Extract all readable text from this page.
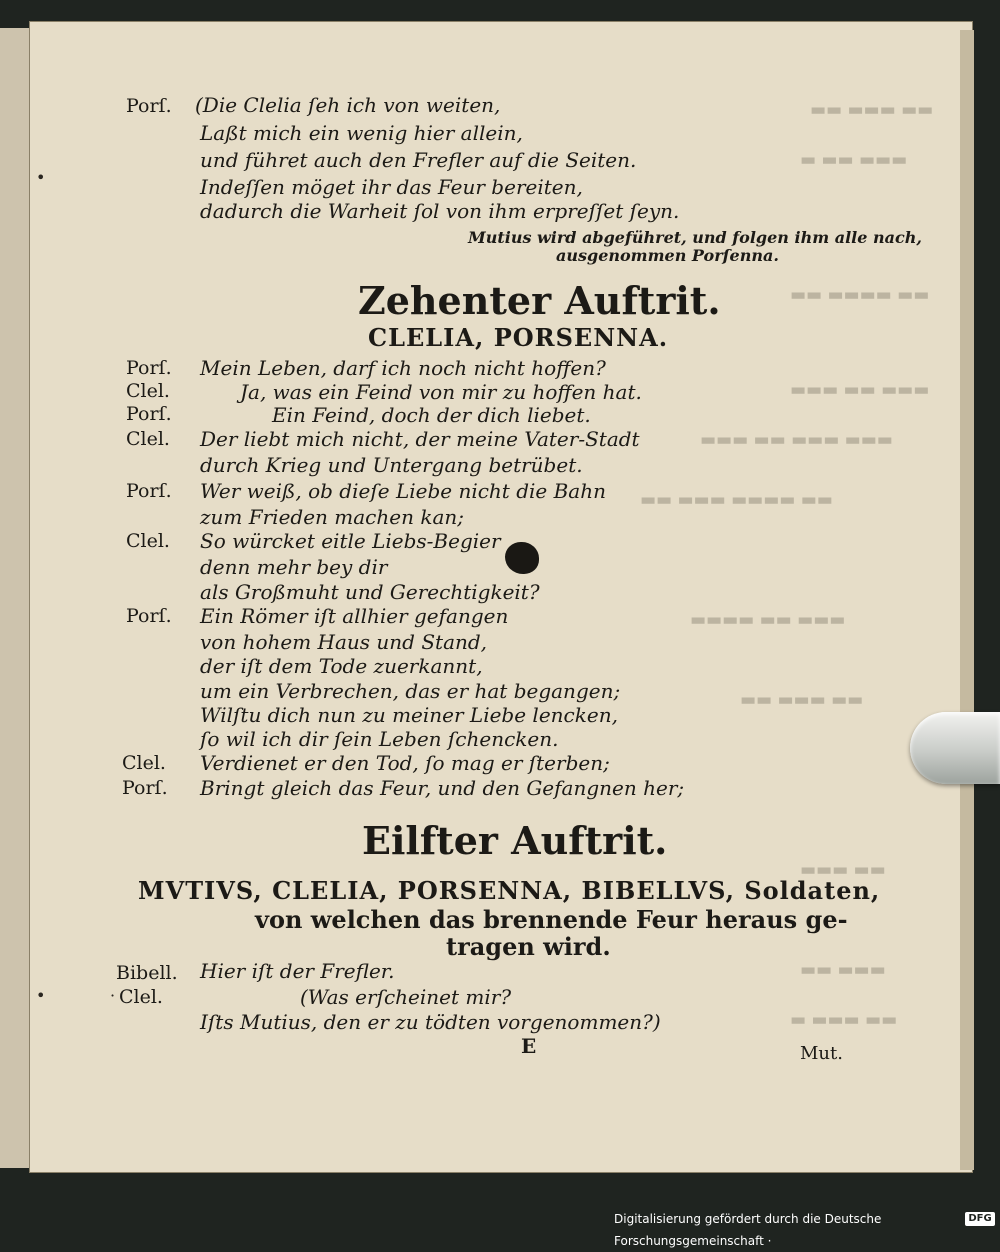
▬▬ ▬▬▬ ▬▬
▬▬▬ ▬▬ ▬
▬▬ ▬▬▬▬ ▬▬
▬▬▬ ▬▬ ▬▬▬
▬▬▬ ▬▬▬ ▬▬ ▬▬▬
▬▬ ▬▬▬▬ ▬▬▬ ▬▬
▬▬▬ ▬▬ ▬▬▬▬
▬▬ ▬▬▬ ▬▬
▬▬ ▬▬▬
▬▬▬ ▬▬
▬▬ ▬▬▬ ▬
Porſ. (Die Clelia ſeh ich von weiten,
Laßt mich ein wenig hier allein,
und führet auch den Frefler auf die Seiten.
Indeſſen möget ihr das Feur bereiten,
dadurch die Warheit ſol von ihm erpreſſet ſeyn.
Mutius wird abgeführet, und folgen ihm alle nach,
ausgenommen Porſenna.
Zehenter Auftrit.
CLELIA, PORSENNA.
Porſ. Mein Leben, darf ich noch nicht hoffen?
Clel.	Ja, was ein Feind von mir zu hoffen hat.
Porſ.	Ein Feind, doch der dich liebet.
Clel. Der liebt mich nicht, der meine Vater-Stadt
durch Krieg und Untergang betrübet.
Porſ. Wer weiß, ob dieſe Liebe nicht die Bahn
zum Frieden machen kan;
Clel. So würcket eitle Liebs-Begier
denn mehr bey dir
als Großmuht und Gerechtigkeit?
Porſ. Ein Römer iſt allhier gefangen
von hohem Haus und Stand,
der iſt dem Tode zuerkannt,
um ein Verbrechen, das er hat begangen;
Wilſtu dich nun zu meiner Liebe lencken,
ſo wil ich dir ſein Leben ſchencken.
Clel. Verdienet er den Tod, ſo mag er ſterben;
Porſ. Bringt gleich das Feur, und den Gefangnen her;
Eilfter Auftrit.
MVTIVS, CLELIA, PORSENNA, BIBELLVS, Soldaten,
von welchen das brennende Feur heraus ge-
tragen wird.
Bibell. Hier iſt der Frefler.
· Clel.	(Was erſcheinet mir?
Iſts Mutius, den er zu tödten vorgenommen?)
E	Mut.
•
•
Digitalisierung gefördert durch die Deutsche Forschungsgemeinschaft ·
DFG
